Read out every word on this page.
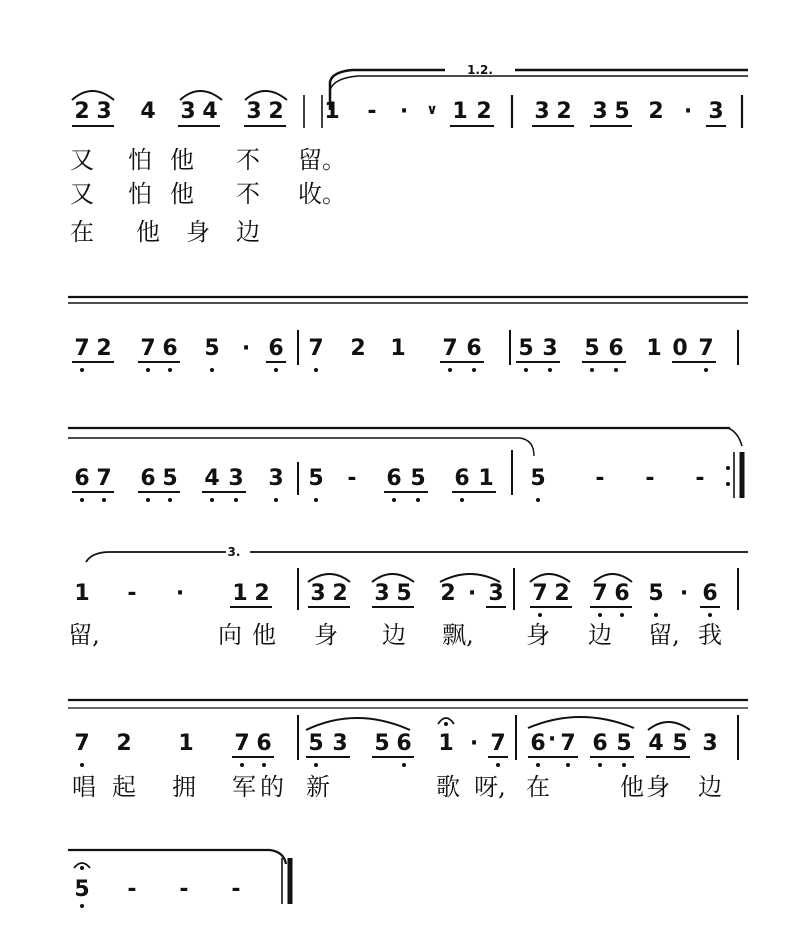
1.2.
2 3 4 3 4 3 2 1 - · ∨ 1 2 3 2 3 5 2 · 3
又 怕 他 不 留。
又 怕 他 不 收。
在 他 身 边
7 2 7 6 5 · 6 7 2 1 7 6 5 3 5 6 1 0 7
6 7 6 5 4 3 3 5 - 6 5 6 1 5 - - -
3.
1 - · 1 2 3 2 3 5 2 · 3 7 2 7 6 5 · 6
留,	向 他 身 边 飘, 身 边 留, 我
7 2 1 7 6 5 3 5 6 1 · 7 6 · 7 6 5 4 5 3
唱 起 拥 军 的 新	歌 呀, 在	他 身 边
5 - - -
